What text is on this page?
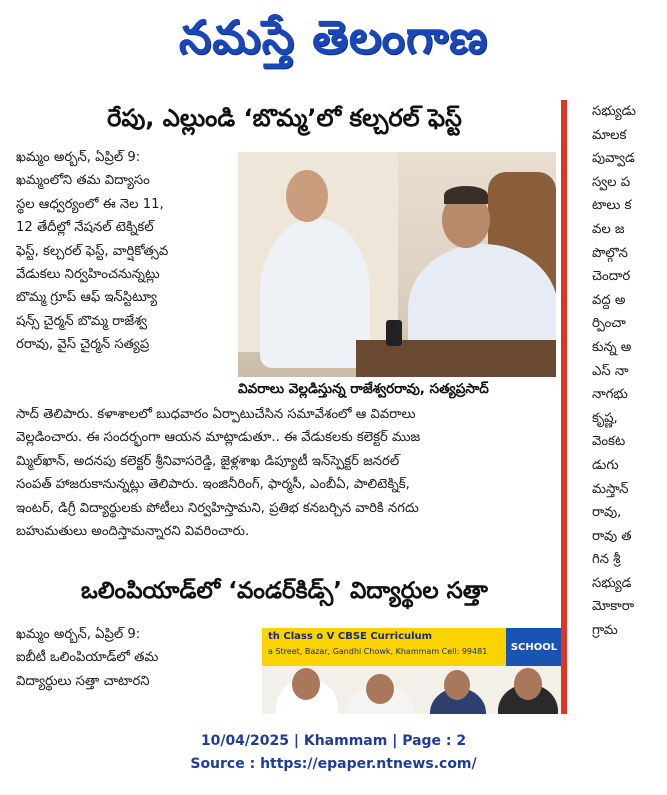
నమస్తే తెలంగాణ
రేపు, ఎల్లుండి ‘బొమ్మ’లో కల్చరల్ ఫెస్ట్
ఖమ్మం అర్బన్, ఏప్రిల్ 9:
ఖమ్మంలోని తమ విద్యాసం
స్థల ఆధ్వర్యంలో ఈ నెల 11,
12 తేదీల్లో నేషనల్ టెక్నికల్
ఫెస్ట్, కల్చరల్ ఫెస్ట్, వార్షికోత్సవ
వేడుకలు నిర్వహించనున్నట్లు
బొమ్మ గ్రూప్ ఆఫ్ ఇన్‌స్టిట్యూ
షన్స్ చైర్మన్ బొమ్మ రాజేశ్వ
రరావు, వైస్ చైర్మన్ సత్యప్ర
వివరాలు వెల్లడిస్తున్న రాజేశ్వరరావు, సత్యప్రసాద్
సాద్ తెలిపారు. కళాశాలలో బుధవారం ఏర్పాటుచేసిన సమావేశంలో ఆ వివరాలు
వెల్లడించారు. ఈ సందర్భంగా ఆయన మాట్లాడుతూ.. ఈ వేడుకలకు కలెక్టర్ ముజ
మ్మిల్‌ఖాన్, అదనపు కలెక్టర్ శ్రీనివాసరెడ్డి, జైళ్లశాఖ డిప్యూటీ ఇన్‌స్పెక్టర్ జనరల్
సంపత్ హాజరుకానున్నట్లు తెలిపారు. ఇంజినీరింగ్, ఫార్మసీ, ఎంబీఏ, పాలిటెక్నిక్,
ఇంటర్, డిగ్రీ విద్యార్థులకు పోటీలు నిర్వహిస్తామని, ప్రతిభ కనబర్చిన వారికి నగదు
బహుమతులు అందిస్తామన్నారని వివరించారు.
ఒలింపియాడ్‌లో ‘వండర్‌కిడ్స్’ విద్యార్థుల సత్తా
ఖమ్మం అర్బన్, ఏప్రిల్ 9:
ఐబీటీ ఒలింపియాడ్‌లో తమ
విద్యార్థులు సత్తా చాటారని
th Class o V CBSE Curriculum
a Street, Bazar, Gandhi Chowk, Khammam Cell: 99481	SCHOOL
సభ్యుడు
మాలక
పువ్వాడ
స్వల ప
టాలు క
వల జ
పొల్గొన
చెందార
వద్ద అ
ర్పించా
కున్న అ
ఎస్ నా
నాగభు
కృష్ణ,
వెంకట
డుగు
మస్తాన్
రావు,
రావు త
గిన శ్రీ
సభ్యుడ
మోకారా
గ్రామ
10/04/2025 | Khammam | Page : 2
Source : https://epaper.ntnews.com/
